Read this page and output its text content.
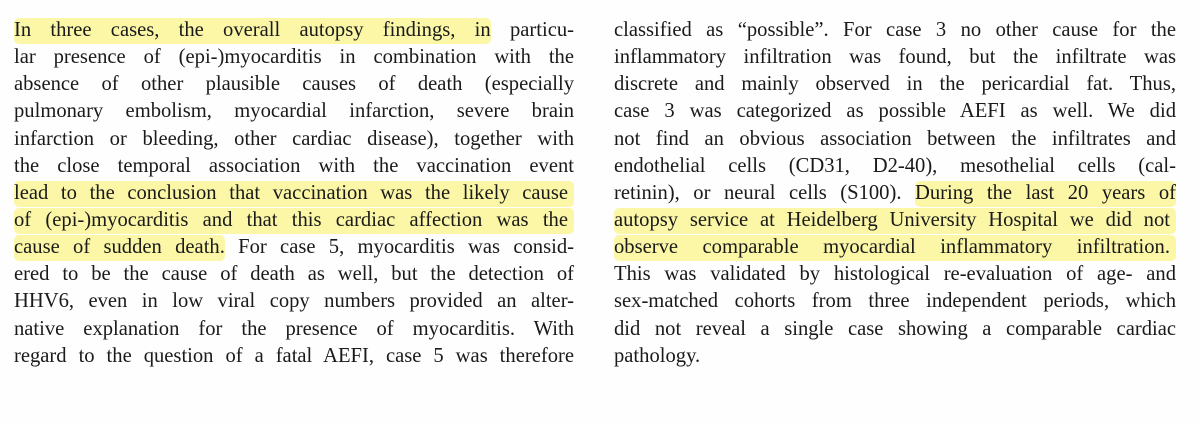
In three cases, the overall autopsy findings, in particu-
lar presence of (epi-)myocarditis in combination with the
absence of other plausible causes of death (especially
pulmonary embolism, myocardial infarction, severe brain
infarction or bleeding, other cardiac disease), together with
the close temporal association with the vaccination event
lead to the conclusion that vaccination was the likely cause
of (epi-)myocarditis and that this cardiac affection was the
cause of sudden death. For case 5, myocarditis was consid-
ered to be the cause of death as well, but the detection of
HHV6, even in low viral copy numbers provided an alter-
native explanation for the presence of myocarditis. With
regard to the question of a fatal AEFI, case 5 was therefore
classified as “possible”. For case 3 no other cause for the
inflammatory infiltration was found, but the infiltrate was
discrete and mainly observed in the pericardial fat. Thus,
case 3 was categorized as possible AEFI as well. We did
not find an obvious association between the infiltrates and
endothelial cells (CD31, D2-40), mesothelial cells (cal-
retinin), or neural cells (S100). During the last 20 years of
autopsy service at Heidelberg University Hospital we did not
observe comparable myocardial inflammatory infiltration.
This was validated by histological re-evaluation of age- and
sex-matched cohorts from three independent periods, which
did not reveal a single case showing a comparable cardiac
pathology.
